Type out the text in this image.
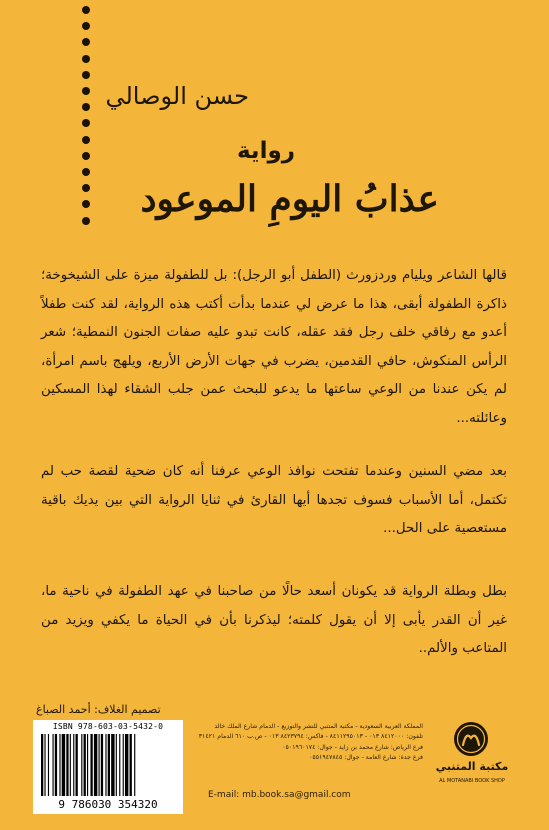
حسن الوصالي
رواية
عذابُ اليومِ الموعود
قالها الشاعر ويليام وردزورث (الطفل أبو الرجل): بل للطفولة ميزة على الشيخوخة؛ ذاكرة الطفولة أبقى، هذا ما عرض لي عندما بدأت أكتب هذه الرواية، لقد كنت طفلاً أعدو مع رفاقي خلف رجل فقد عقله، كانت تبدو عليه صفات الجنون النمطية؛ شعر الرأس المنكوش، حافي القدمين، يضرب في جهات الأرض الأربع، ويلهج باسم امرأة، لم يكن عندنا من الوعي ساعتها ما يدعو للبحث عمن جلب الشقاء لهذا المسكين وعائلته...
بعد مضي السنين وعندما تفتحت نوافذ الوعي عرفنا أنه كان ضحية لقصة حب لم تكتمل، أما الأسباب فسوف تجدها أيها القارئ في ثنايا الرواية التي بين يديك باقية مستعصية على الحل...
بطل وبطلة الرواية قد يكونان أسعد حالًا من صاحبنا في عهد الطفولة في ناحية ما، غير أن القدر يأبى إلا أن يقول كلمته؛ ليذكرنا بأن في الحياة ما يكفي ويزيد من المتاعب والألم..
تصميم الغلاف: أحمد الصباغ
ISBN 978-603-03-5432-0
9 786030 354320
المملكة العربية السعودية - مكتبة المتنبي للنشر والتوزيع - الدمام شارع الملك خالد
تلفون: ٨٤١٢٠٠٠ ٠١٣ - ٨٤١١٢٩٥٠١٣ - فاكس: ٨٤٢٣٧٩٤ ٠١٣ - ص.ب ٦١٠ الدمام ٣١٤٢١
فرع الرياض: شارع محمد بن زايد - جوال: ٠٥٠١٩٦٠١٧٤
فرع جدة: شارع العامة - جوال: ٠٥٥١٩٤٧٨٤٥
E-mail: mb.book.sa@gmail.com
مكتبة المتنبي
AL MOTANABI BOOK SHOP
